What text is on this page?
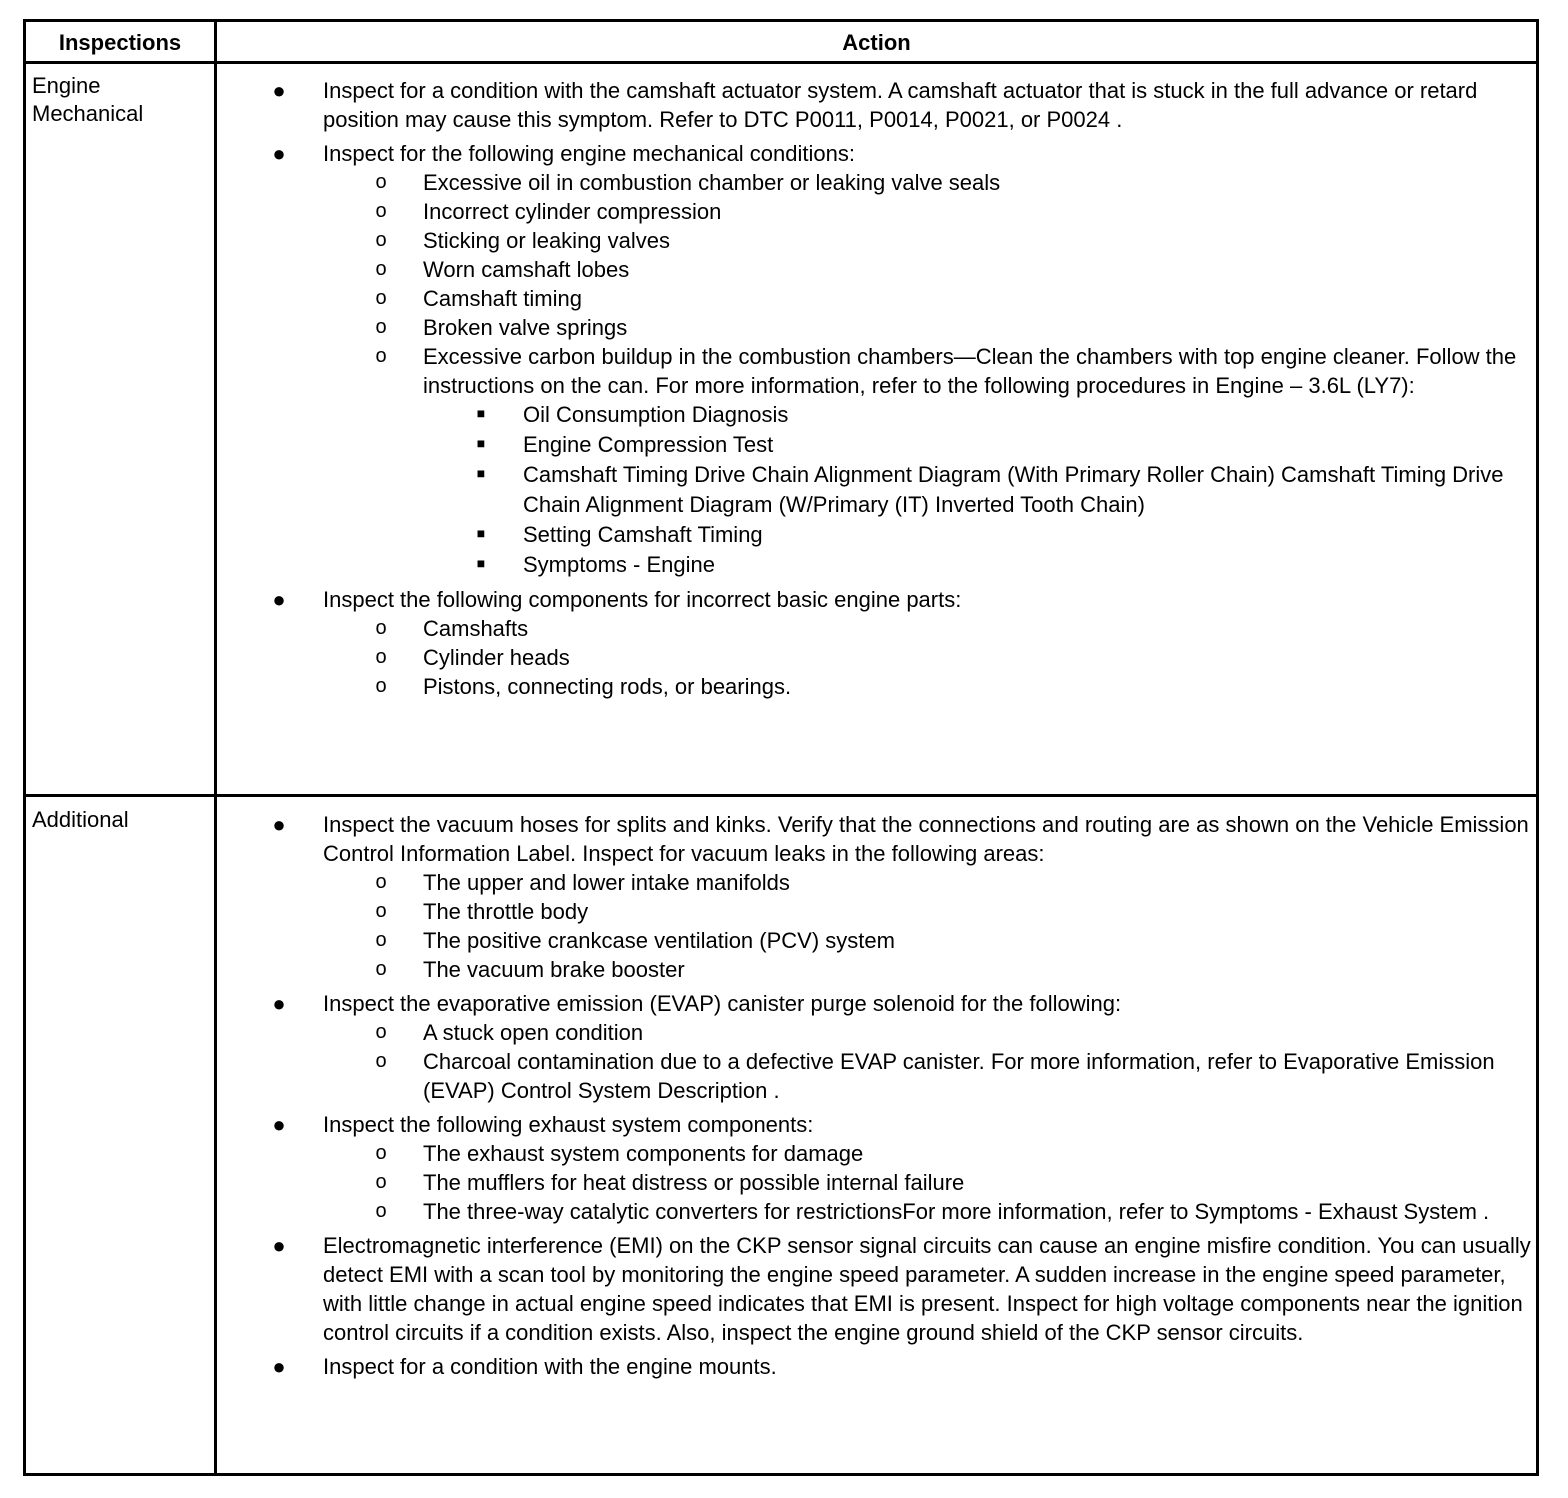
Inspections	Action
Engine Mechanical
● Inspect for a condition with the camshaft actuator system. A camshaft actuator that is stuck in the full advance or retard position may cause this symptom. Refer to DTC P0011, P0014, P0021, or P0024 .
● Inspect for the following engine mechanical conditions:
o Excessive oil in combustion chamber or leaking valve seals
o Incorrect cylinder compression
o Sticking or leaking valves
o Worn camshaft lobes
o Camshaft timing
o Broken valve springs
o Excessive carbon buildup in the combustion chambers—Clean the chambers with top engine cleaner. Follow the instructions on the can. For more information, refer to the following procedures in Engine – 3.6L (LY7):
■ Oil Consumption Diagnosis
■ Engine Compression Test
■ Camshaft Timing Drive Chain Alignment Diagram (With Primary Roller Chain) Camshaft Timing Drive Chain Alignment Diagram (W/Primary (IT) Inverted Tooth Chain)
■ Setting Camshaft Timing
■ Symptoms - Engine
● Inspect the following components for incorrect basic engine parts:
o Camshafts
o Cylinder heads
o Pistons, connecting rods, or bearings.
Additional	● Inspect the vacuum hoses for splits and kinks. Verify that the connections and routing are as shown on the Vehicle Emission Control Information Label. Inspect for vacuum leaks in the following areas:
o The upper and lower intake manifolds
o The throttle body
o The positive crankcase ventilation (PCV) system
o The vacuum brake booster
● Inspect the evaporative emission (EVAP) canister purge solenoid for the following:
o A stuck open condition
o Charcoal contamination due to a defective EVAP canister. For more information, refer to Evaporative Emission (EVAP) Control System Description .
● Inspect the following exhaust system components:
o The exhaust system components for damage
o The mufflers for heat distress or possible internal failure
o The three-way catalytic converters for restrictionsFor more information, refer to Symptoms - Exhaust System .
● Electromagnetic interference (EMI) on the CKP sensor signal circuits can cause an engine misfire condition. You can usually detect EMI with a scan tool by monitoring the engine speed parameter. A sudden increase in the engine speed parameter, with little change in actual engine speed indicates that EMI is present. Inspect for high voltage components near the ignition control circuits if a condition exists. Also, inspect the engine ground shield of the CKP sensor circuits.
● Inspect for a condition with the engine mounts.
